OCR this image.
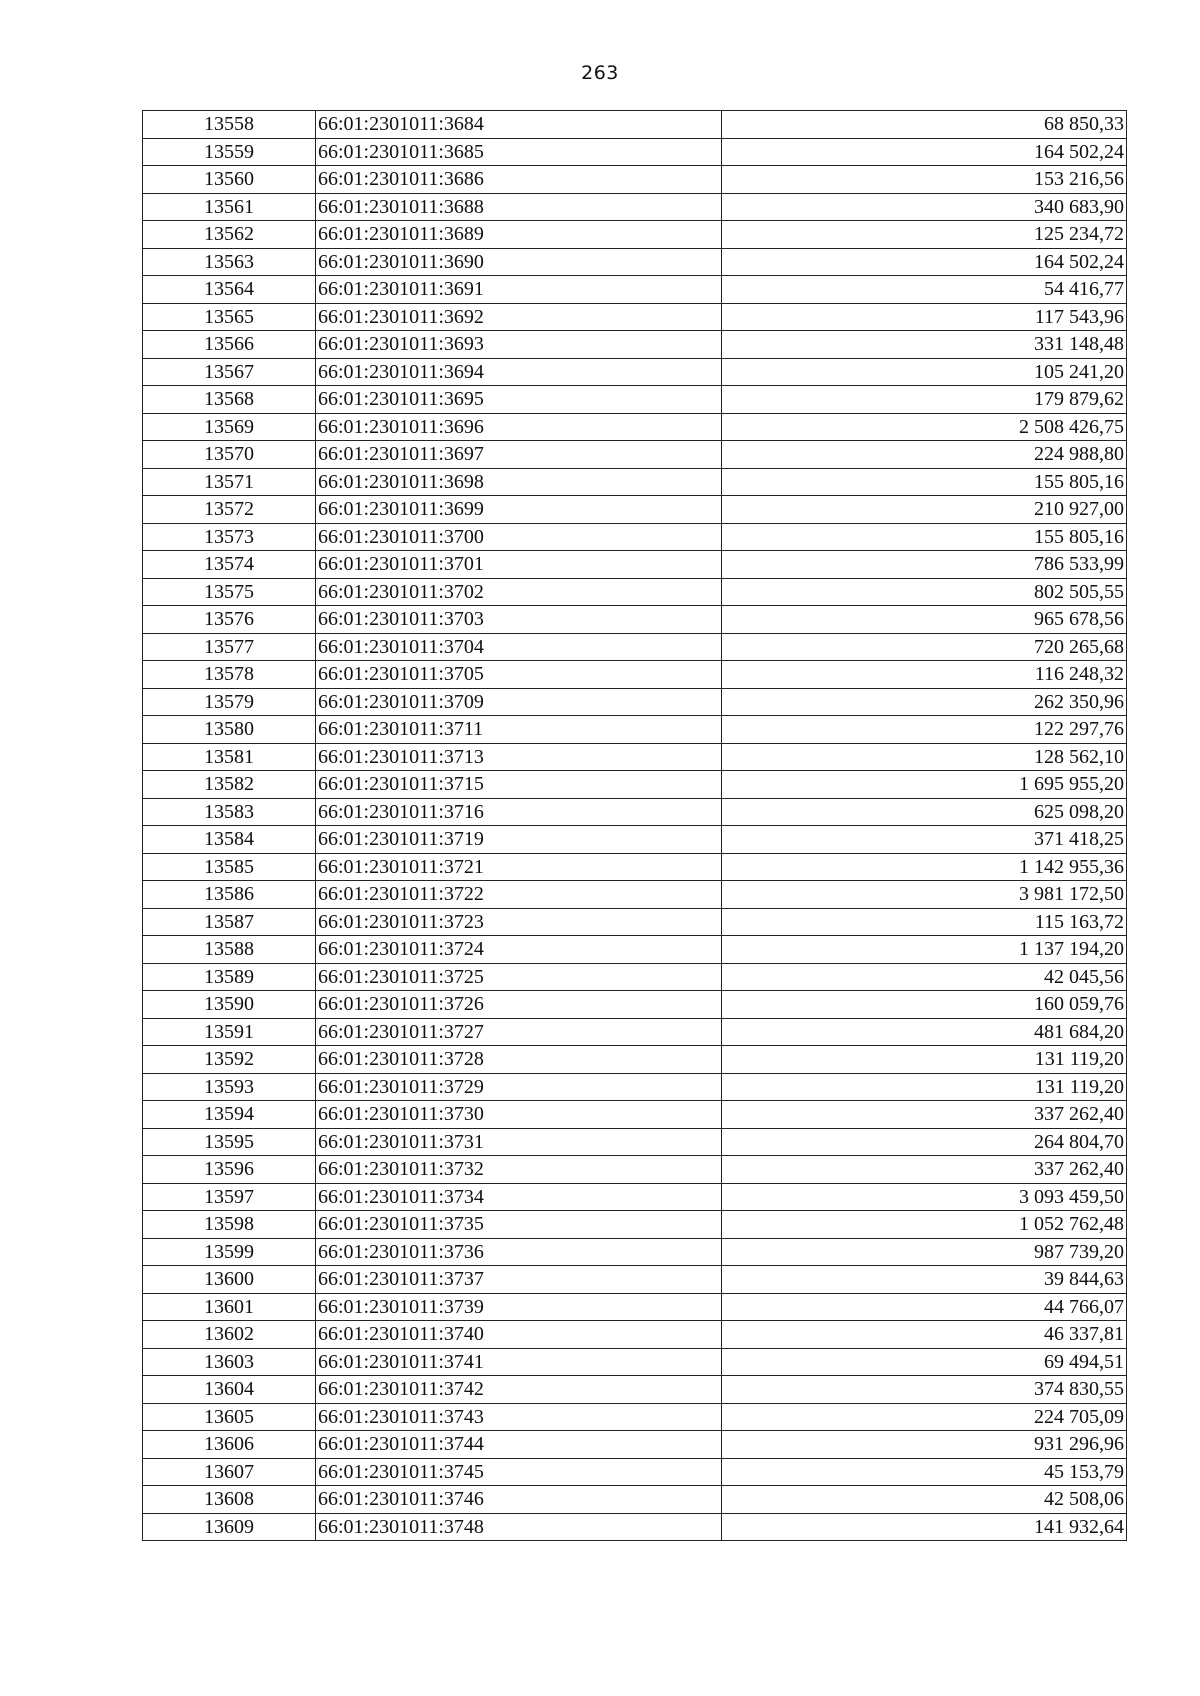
263
13558	66:01:2301011:3684	68 850,33
13559	66:01:2301011:3685	164 502,24
13560	66:01:2301011:3686	153 216,56
13561	66:01:2301011:3688	340 683,90
13562	66:01:2301011:3689	125 234,72
13563	66:01:2301011:3690	164 502,24
13564	66:01:2301011:3691	54 416,77
13565	66:01:2301011:3692	117 543,96
13566	66:01:2301011:3693	331 148,48
13567	66:01:2301011:3694	105 241,20
13568	66:01:2301011:3695	179 879,62
13569	66:01:2301011:3696	2 508 426,75
13570	66:01:2301011:3697	224 988,80
13571	66:01:2301011:3698	155 805,16
13572	66:01:2301011:3699	210 927,00
13573	66:01:2301011:3700	155 805,16
13574	66:01:2301011:3701	786 533,99
13575	66:01:2301011:3702	802 505,55
13576	66:01:2301011:3703	965 678,56
13577	66:01:2301011:3704	720 265,68
13578	66:01:2301011:3705	116 248,32
13579	66:01:2301011:3709	262 350,96
13580	66:01:2301011:3711	122 297,76
13581	66:01:2301011:3713	128 562,10
13582	66:01:2301011:3715	1 695 955,20
13583	66:01:2301011:3716	625 098,20
13584	66:01:2301011:3719	371 418,25
13585	66:01:2301011:3721	1 142 955,36
13586	66:01:2301011:3722	3 981 172,50
13587	66:01:2301011:3723	115 163,72
13588	66:01:2301011:3724	1 137 194,20
13589	66:01:2301011:3725	42 045,56
13590	66:01:2301011:3726	160 059,76
13591	66:01:2301011:3727	481 684,20
13592	66:01:2301011:3728	131 119,20
13593	66:01:2301011:3729	131 119,20
13594	66:01:2301011:3730	337 262,40
13595	66:01:2301011:3731	264 804,70
13596	66:01:2301011:3732	337 262,40
13597	66:01:2301011:3734	3 093 459,50
13598	66:01:2301011:3735	1 052 762,48
13599	66:01:2301011:3736	987 739,20
13600	66:01:2301011:3737	39 844,63
13601	66:01:2301011:3739	44 766,07
13602	66:01:2301011:3740	46 337,81
13603	66:01:2301011:3741	69 494,51
13604	66:01:2301011:3742	374 830,55
13605	66:01:2301011:3743	224 705,09
13606	66:01:2301011:3744	931 296,96
13607	66:01:2301011:3745	45 153,79
13608	66:01:2301011:3746	42 508,06
13609	66:01:2301011:3748	141 932,64
